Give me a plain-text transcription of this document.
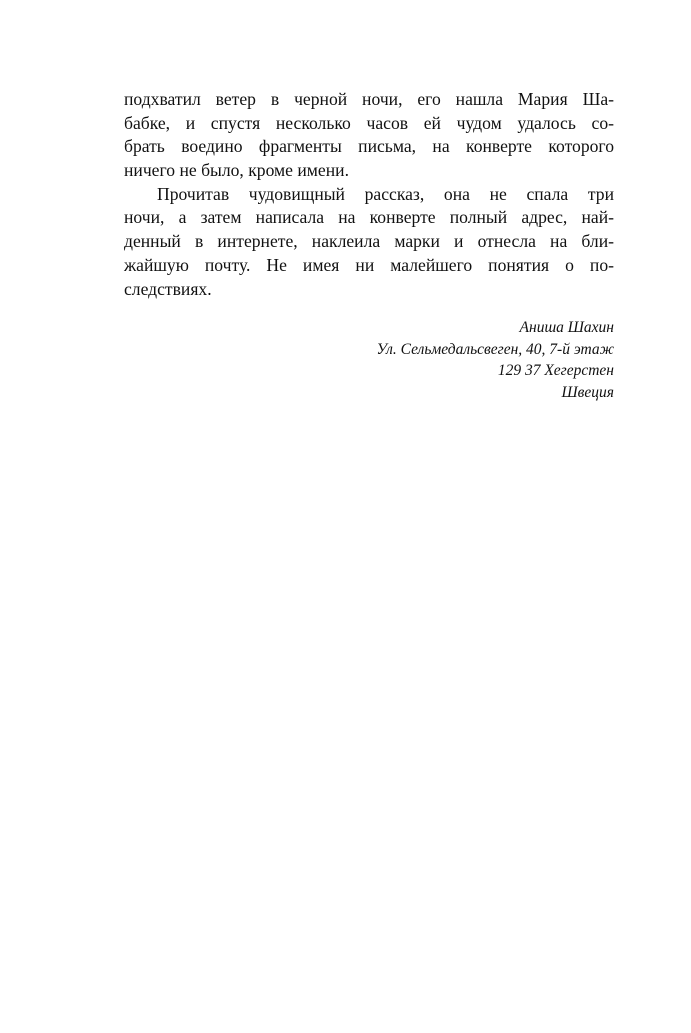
подхватил ветер в черной ночи, его нашла Мария Ша-
бабке, и спустя несколько часов ей чудом удалось со-
брать воедино фрагменты письма, на конверте которого
ничего не было, кроме имени.

Прочитав чудовищный рассказ, она не спала три
ночи, а затем написала на конверте полный адрес, най-
денный в интернете, наклеила марки и отнесла на бли-
жайшую почту. Не имея ни малейшего понятия о по-
следствиях.

Аниша Шахин
Ул. Сельмедальсвеген, 40, 7-й этаж
129 37 Хегерстен
Швеция
